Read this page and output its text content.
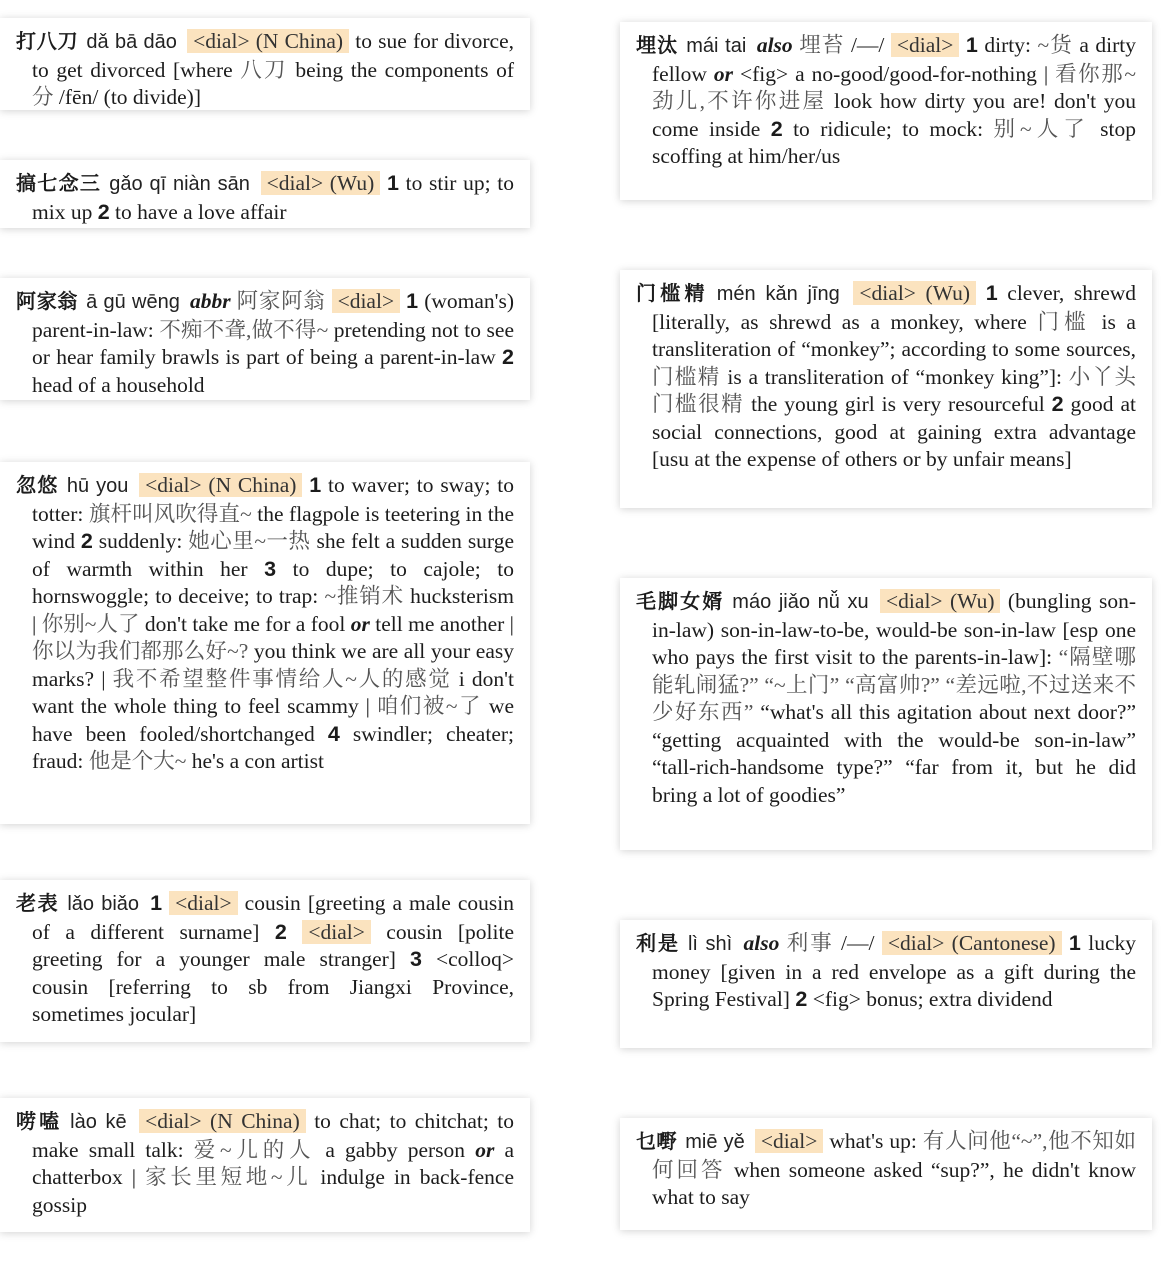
打八刀 dǎ bā dāo <dial> (N China) to sue for divorce, to get divorced [where 八刀 being the components of 分 /fēn/ (to divide)]

搞七念三 gǎo qī niàn sān <dial> (Wu) 1 to stir up; to mix up 2 to have a love affair

阿家翁 ā gū wēng abbr 阿家阿翁 <dial> 1 (woman's) parent-in-law: 不痴不聋,做不得~ pretending not to see or hear family brawls is part of being a parent-in-law 2 head of a household

忽悠 hū you <dial> (N China) 1 to waver; to sway; to totter: 旗杆叫风吹得直~ the flagpole is teetering in the wind 2 suddenly: 她心里~一热 she felt a sudden surge of warmth within her 3 to dupe; to cajole; to hornswoggle; to deceive; to trap: ~推销术 hucksterism | 你别~人了 don't take me for a fool or tell me another | 你以为我们都那么好~? you think we are all your easy marks? | 我不希望整件事情给人~人的感觉 i don't want the whole thing to feel scammy | 咱们被~了 we have been fooled/shortchanged 4 swindler; cheater; fraud: 他是个大~ he's a con artist

老表 lǎo biǎo 1 <dial> cousin [greeting a male cousin of a different surname] 2 <dial> cousin [polite greeting for a younger male stranger] 3 <colloq> cousin [referring to sb from Jiangxi Province, sometimes jocular]

唠嗑 lào kē <dial> (N China) to chat; to chitchat; to make small talk: 爱~儿的人 a gabby person or a chatterbox | 家长里短地~儿 indulge in back-fence gossip

埋汰 mái tai also 埋苔 /—/ <dial> 1 dirty: ~货 a dirty fellow or <fig> a no-good/good-for-nothing | 看你那~劲儿,不许你进屋 look how dirty you are! don't you come inside 2 to ridicule; to mock: 别~人了 stop scoffing at him/her/us

门槛精 mén kǎn jīng <dial> (Wu) 1 clever, shrewd [literally, as shrewd as a monkey, where 门槛 is a transliteration of “monkey”; according to some sources, 门槛精 is a transliteration of “monkey king”]: 小丫头门槛很精 the young girl is very resourceful 2 good at social connections, good at gaining extra advantage [usu at the expense of others or by unfair means]

毛脚女婿 máo jiǎo nǚ xu <dial> (Wu) (bungling son-in-law) son-in-law-to-be, would-be son-in-law [esp one who pays the first visit to the parents-in-law]: “隔壁哪能轧闹猛?” “~上门” “高富帅?” “差远啦,不过送来不少好东西” “what's all this agitation about next door?” “getting acquainted with the would-be son-in-law” “tall-rich-handsome type?” “far from it, but he did bring a lot of goodies”

利是 lì shì also 利事 /—/ <dial> (Cantonese) 1 lucky money [given in a red envelope as a gift during the Spring Festival] 2 <fig> bonus; extra dividend

乜嘢 miē yě <dial> what's up: 有人问他“~”,他不知如何回答 when someone asked “sup?”, he didn't know what to say
